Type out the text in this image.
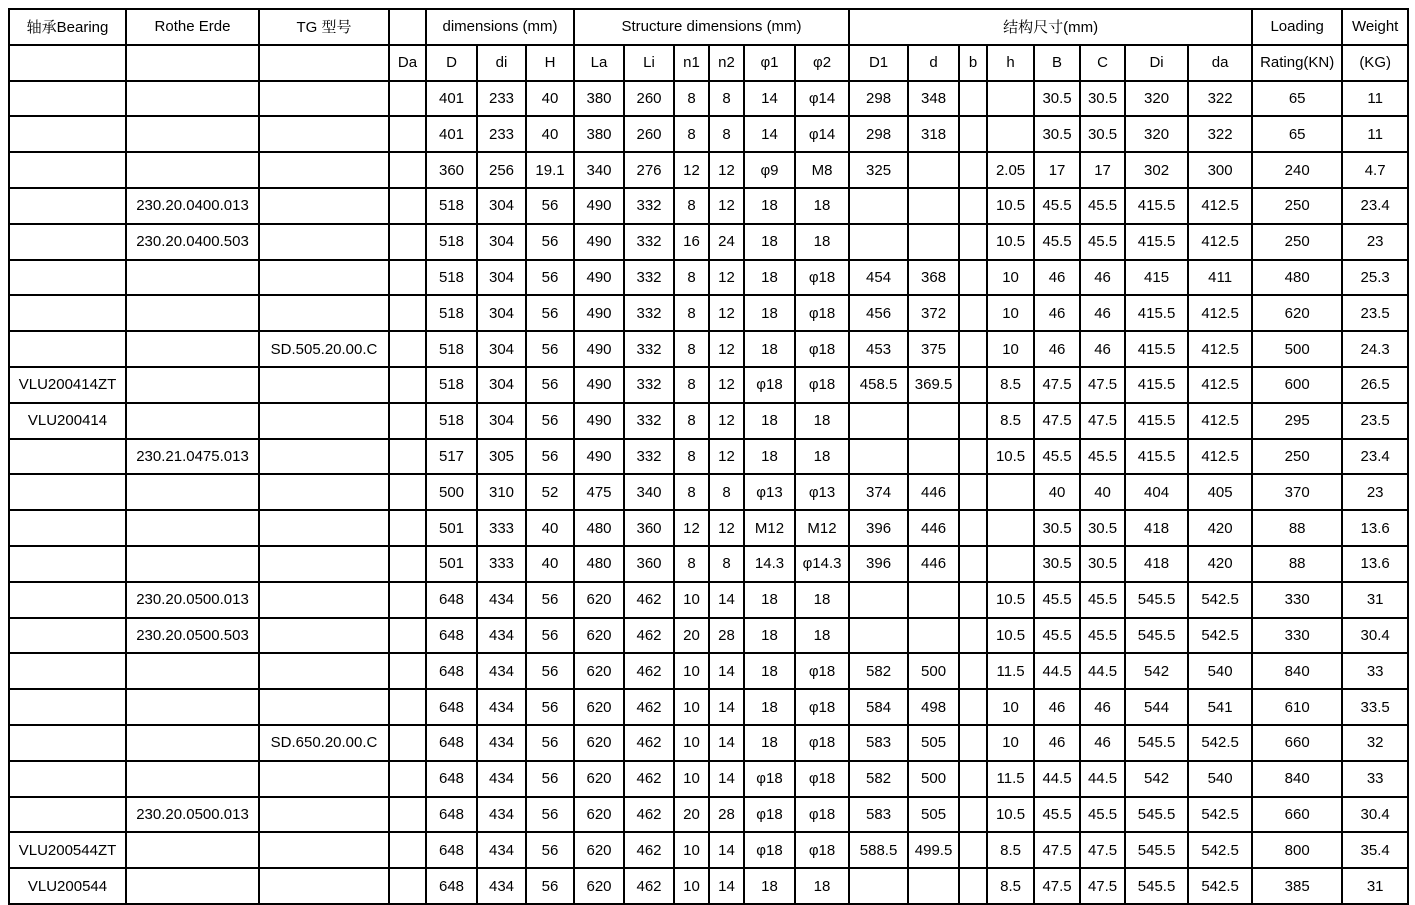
轴承Bearing	Rothe Erde	TG 型号		dimensions (mm)			Structure dimensions (mm)						结构尺寸(mm)								Loading	Weight
			Da	D	di	H	La	Li	n1	n2	φ1	φ2	D1	d	b	h	B	C	Di	da	Rating(KN)	(KG)
				401	233	40	380	260	8	8	14	φ14	298	348			30.5	30.5	320	322	65	11
				401	233	40	380	260	8	8	14	φ14	298	318			30.5	30.5	320	322	65	11
				360	256	19.1	340	276	12	12	φ9	M8	325			2.05	17	17	302	300	240	4.7
	230.20.0400.013			518	304	56	490	332	8	12	18	18				10.5	45.5	45.5	415.5	412.5	250	23.4
	230.20.0400.503			518	304	56	490	332	16	24	18	18				10.5	45.5	45.5	415.5	412.5	250	23
				518	304	56	490	332	8	12	18	φ18	454	368		10	46	46	415	411	480	25.3
				518	304	56	490	332	8	12	18	φ18	456	372		10	46	46	415.5	412.5	620	23.5
		SD.505.20.00.C		518	304	56	490	332	8	12	18	φ18	453	375		10	46	46	415.5	412.5	500	24.3
VLU200414ZT				518	304	56	490	332	8	12	φ18	φ18	458.5	369.5		8.5	47.5	47.5	415.5	412.5	600	26.5
VLU200414				518	304	56	490	332	8	12	18	18				8.5	47.5	47.5	415.5	412.5	295	23.5
	230.21.0475.013			517	305	56	490	332	8	12	18	18				10.5	45.5	45.5	415.5	412.5	250	23.4
				500	310	52	475	340	8	8	φ13	φ13	374	446			40	40	404	405	370	23
				501	333	40	480	360	12	12	M12	M12	396	446			30.5	30.5	418	420	88	13.6
				501	333	40	480	360	8	8	14.3	φ14.3	396	446			30.5	30.5	418	420	88	13.6
	230.20.0500.013			648	434	56	620	462	10	14	18	18				10.5	45.5	45.5	545.5	542.5	330	31
	230.20.0500.503			648	434	56	620	462	20	28	18	18				10.5	45.5	45.5	545.5	542.5	330	30.4
				648	434	56	620	462	10	14	18	φ18	582	500		11.5	44.5	44.5	542	540	840	33
				648	434	56	620	462	10	14	18	φ18	584	498		10	46	46	544	541	610	33.5
		SD.650.20.00.C		648	434	56	620	462	10	14	18	φ18	583	505		10	46	46	545.5	542.5	660	32
				648	434	56	620	462	10	14	φ18	φ18	582	500		11.5	44.5	44.5	542	540	840	33
	230.20.0500.013			648	434	56	620	462	20	28	φ18	φ18	583	505		10.5	45.5	45.5	545.5	542.5	660	30.4
VLU200544ZT				648	434	56	620	462	10	14	φ18	φ18	588.5	499.5		8.5	47.5	47.5	545.5	542.5	800	35.4
VLU200544				648	434	56	620	462	10	14	18	18				8.5	47.5	47.5	545.5	542.5	385	31
